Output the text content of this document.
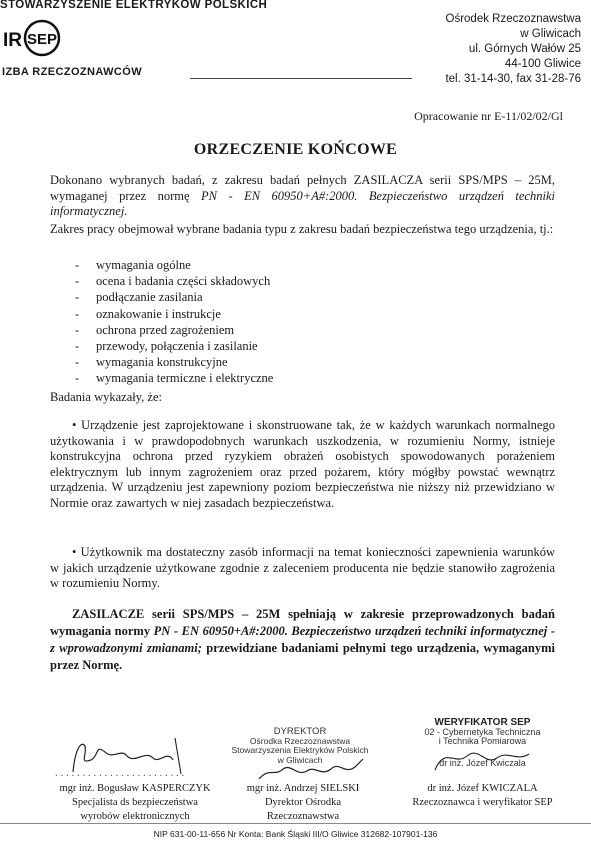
STOWARZYSZENIE ELEKTRYKÓW POLSKICH
IR SEP
IZBA RZECZOZNAWCÓW
Ośrodek Rzeczoznawstwa
w Gliwicach
ul. Górnych Wałów 25
44-100 Gliwice
tel. 31-14-30, fax 31-28-76
Opracowanie nr E-11/02/02/Gl
ORZECZENIE KOŃCOWE
Dokonano wybranych badań, z zakresu badań pełnych ZASILACZA serii SPS/MPS – 25M, wymaganej przez normę PN - EN 60950+A#:2000. Bezpieczeństwo urządzeń techniki informatycznej.
Zakres pracy obejmował wybrane badania typu z zakresu badań bezpieczeństwa tego urządzenia, tj.:
- wymagania ogólne
- ocena i badania części składowych
- podłączanie zasilania
- oznakowanie i instrukcje
- ochrona przed zagrożeniem
- przewody, połączenia i zasilanie
- wymagania konstrukcyjne
- wymagania termiczne i elektryczne
Badania wykazały, że:
• Urządzenie jest zaprojektowane i skonstruowane tak, że w każdych warunkach normalnego użytkowania i w prawdopodobnych warunkach uszkodzenia, w rozumieniu Normy, istnieje konstrukcyjna ochrona przed ryzykiem obrażeń osobistych spowodowanych porażeniem elektrycznym lub innym zagrożeniem oraz przed pożarem, który mógłby powstać wewnątrz urządzenia. W urządzeniu jest zapewniony poziom bezpieczeństwa nie niższy niż przewidziano w Normie oraz zawartych w niej zasadach bezpieczeństwa.
• Użytkownik ma dostateczny zasób informacji na temat konieczności zapewnienia warunków w jakich urządzenie użytkowane zgodnie z zaleceniem producenta nie będzie stanowiło zagrożenia w rozumieniu Normy.
ZASILACZE serii SPS/MPS – 25M spełniają w zakresie przeprowadzonych badań wymagania normy PN - EN 60950+A#:2000. Bezpieczeństwo urządzeń techniki informatycznej - z wprowadzonymi zmianami; przewidziane badaniami pełnymi tego urządzenia, wymaganymi przez Normę.
. . . . . . . . . . . . . . . . . . . . . . . .
mgr inż. Bogusław KASPERCZYK
Specjalista ds bezpieczeństwa
wyrobów elektronicznych
DYREKTOR
Ośrodka Rzeczoznawstwa
Stowarzyszenia Elektryków Polskich
w Gliwicach
mgr inż. Andrzej SIELSKI
Dyrektor Ośrodka
Rzeczoznawstwa
WERYFIKATOR SEP
02 - Cybernetyka Techniczna
i Technika Pomiarowa
dr inż. Józef Kwiczala
dr inż. Józef KWICZALA
Rzeczoznawca i weryfikator SEP
NIP 631-00-11-656 Nr Konta: Bank Śląski III/O Gliwice 312682-107901-136
